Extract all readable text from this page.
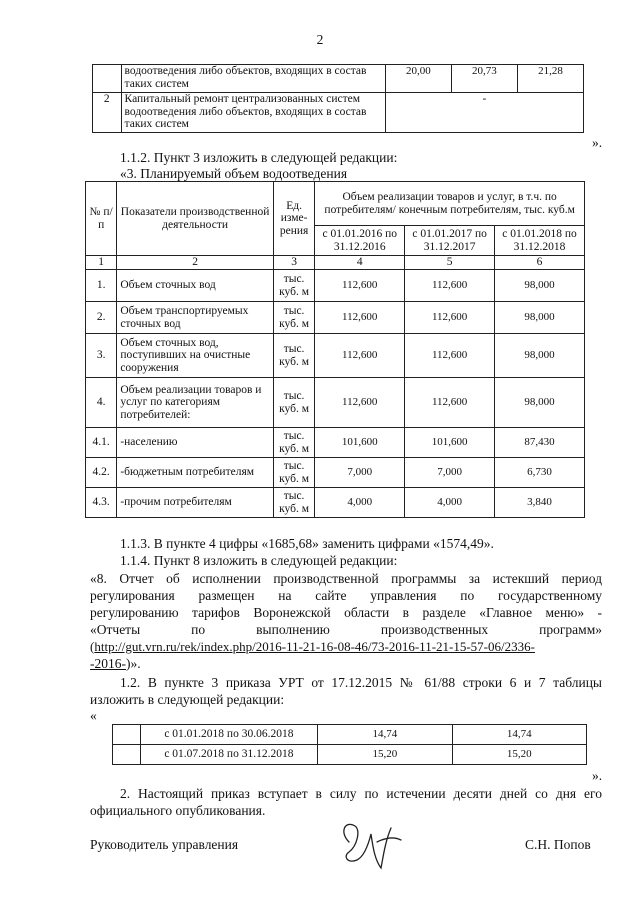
2
	водоотведения либо объектов, входящих в состав таких систем	20,00	20,73	21,28
2	Капитальный ремонт централизованных систем водоотведения либо объектов, входящих в состав таких систем	-		
».
1.1.2. Пункт 3 изложить в следующей редакции:
«3. Планируемый объем водоотведения
№ п/п	Показатели производственной деятельности	Ед. изме-рения	Объем реализации товаров и услуг, в т.ч. по потребителям/ конечным потребителям, тыс. куб.м		
			с 01.01.2016 по 31.12.2016	с 01.01.2017 по 31.12.2017	с 01.01.2018 по 31.12.2018
1	2	3	4	5	6
1.	Объем сточных вод	тыс. куб. м	112,600	112,600	98,000
2.	Объем транспортируемых сточных вод	тыс. куб. м	112,600	112,600	98,000
3.	Объем сточных вод, поступивших на очистные сооружения	тыс. куб. м	112,600	112,600	98,000
4.	Объем реализации товаров и услуг по категориям потребителей:	тыс. куб. м	112,600	112,600	98,000
4.1.	-населению	тыс. куб. м	101,600	101,600	87,430
4.2.	-бюджетным потребителям	тыс. куб. м	7,000	7,000	6,730
4.3.	-прочим потребителям	тыс. куб. м	4,000	4,000	3,840
1.1.3. В пункте 4 цифры «1685,68» заменить цифрами «1574,49».
1.1.4. Пункт 8 изложить в следующей редакции:
«8. Отчет об исполнении производственной программы за истекший период
регулирования размещен на сайте управления по государственному
регулированию тарифов Воронежской области в разделе «Главное меню» -
«Отчеты по выполнению производственных программ»
(http://gut.vrn.ru/rek/index.php/2016-11-21-16-08-46/73-2016-11-21-15-57-06/2336-
-2016-)».
1.2. В пункте 3 приказа УРТ от 17.12.2015 № 61/88 строки 6 и 7 таблицы
изложить в следующей редакции:
«
	с 01.01.2018 по 30.06.2018	14,74	14,74
	с 01.07.2018 по 31.12.2018	15,20	15,20
».
2. Настоящий приказ вступает в силу по истечении десяти дней со дня его
официального опубликования.
Руководитель управления	С.Н. Попов
